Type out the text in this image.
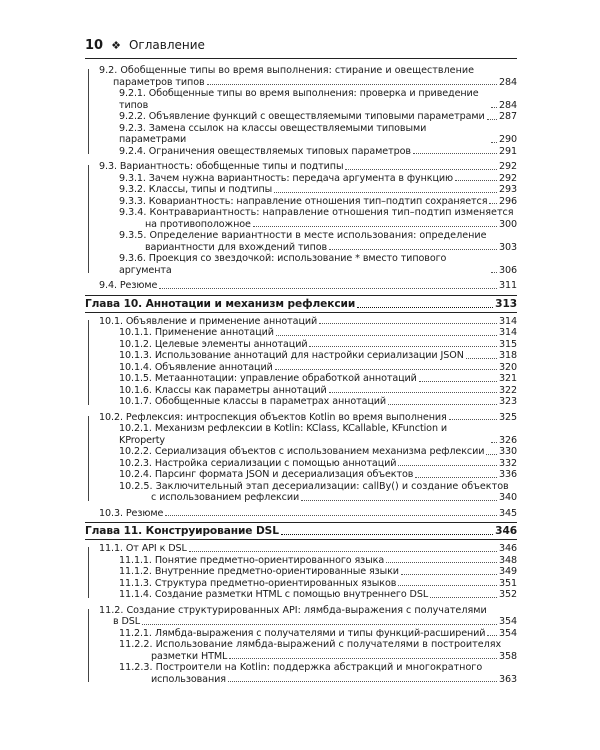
10 ❖ Оглавление
9.2. Обобщенные типы во время выполнения: стирание и овеществление
параметров типов	284
9.2.1. Обобщенные типы во время выполнения: проверка и приведение типов	284
9.2.2. Объявление функций с овеществляемыми типовыми параметрами 287
9.2.3. Замена ссылок на классы овеществляемыми типовыми параметрами	290
9.2.4. Ограничения овеществляемых типовых параметров	291
9.3. Вариантность: обобщенные типы и подтипы	292
9.3.1. Зачем нужна вариантность: передача аргумента в функцию	292
9.3.2. Классы, типы и подтипы	293
9.3.3. Ковариантность: направление отношения тип–подтип сохраняется 296
9.3.4. Контравариантность: направление отношения тип–подтип изменяется
на противоположное	300
9.3.5. Определение вариантности в месте использования: определение
вариантности для вхождений типов	303
9.3.6. Проекция со звездочкой: использование * вместо типового аргумента	306
9.4. Резюме	311
Глава 10. Аннотации и механизм рефлексии	313
10.1. Объявление и применение аннотаций	314
10.1.1. Применение аннотаций	314
10.1.2. Целевые элементы аннотаций	315
10.1.3. Использование аннотаций для настройки сериализации JSON	318
10.1.4. Объявление аннотаций	320
10.1.5. Метааннотации: управление обработкой аннотаций	321
10.1.6. Классы как параметры аннотаций	322
10.1.7. Обобщенные классы в параметрах аннотаций	323
10.2. Рефлексия: интроспекция объектов Kotlin во время выполнения	325
10.2.1. Механизм рефлексии в Kotlin: KClass, KCallable, KFunction и KProperty	326
10.2.2. Сериализация объектов с использованием механизма рефлексии 330
10.2.3. Настройка сериализации с помощью аннотаций	332
10.2.4. Парсинг формата JSON и десериализация объектов	336
10.2.5. Заключительный этап десериализации: callBy() и создание объектов
с использованием рефлексии	340
10.3. Резюме	345
Глава 11. Конструирование DSL	346
11.1. От API к DSL	346
11.1.1. Понятие предметно-ориентированного языка	348
11.1.2. Внутренние предметно-ориентированные языки	349
11.1.3. Структура предметно-ориентированных языков	351
11.1.4. Создание разметки HTML с помощью внутреннего DSL	352
11.2. Создание структурированных API: лямбда-выражения с получателями
в DSL	354
11.2.1. Лямбда-выражения с получателями и типы функций-расширений 354
11.2.2. Использование лямбда-выражений с получателями в построителях
разметки HTML	358
11.2.3. Построители на Kotlin: поддержка абстракций и многократного
использования	363
